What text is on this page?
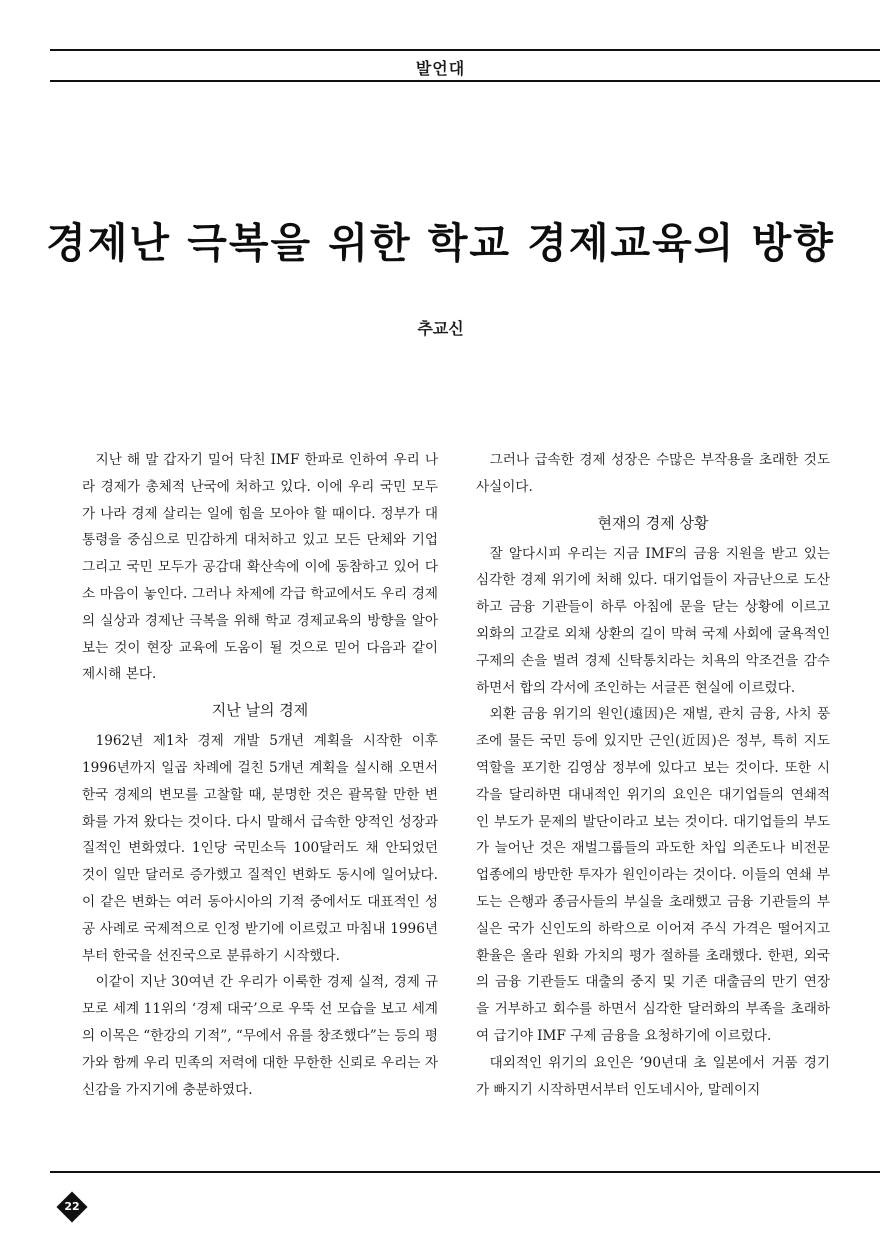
발언대
경제난 극복을 위한 학교 경제교육의 방향
추교신

지난 해 말 갑자기 밀어 닥친 IMF 한파로 인하여 우리 나라 경제가 총체적 난국에 처하고 있다. 이에 우리 국민 모두가 나라 경제 살리는 일에 힘을 모아야 할 때이다. 정부가 대통령을 중심으로 민감하게 대처하고 있고 모든 단체와 기업 그리고 국민 모두가 공감대 확산속에 이에 동참하고 있어 다소 마음이 놓인다. 그러나 차제에 각급 학교에서도 우리 경제의 실상과 경제난 극복을 위해 학교 경제교육의 방향을 알아 보는 것이 현장 교육에 도움이 될 것으로 믿어 다음과 같이 제시해 본다.

지난 날의 경제

1962년 제1차 경제 개발 5개년 계획을 시작한 이후 1996년까지 일곱 차례에 걸친 5개년 계획을 실시해 오면서 한국 경제의 변모를 고찰할 때, 분명한 것은 괄목할 만한 변화를 가져 왔다는 것이다. 다시 말해서 급속한 양적인 성장과 질적인 변화였다. 1인당 국민소득 100달러도 채 안되었던 것이 일만 달러로 증가했고 질적인 변화도 동시에 일어났다. 이 같은 변화는 여러 동아시아의 기적 중에서도 대표적인 성공 사례로 국제적으로 인정 받기에 이르렀고 마침내 1996년부터 한국을 선진국으로 분류하기 시작했다.

이같이 지난 30여년 간 우리가 이룩한 경제 실적, 경제 규모로 세계 11위의 ‘경제 대국’으로 우뚝 선 모습을 보고 세계의 이목은 “한강의 기적”, “무에서 유를 창조했다”는 등의 평가와 함께 우리 민족의 저력에 대한 무한한 신뢰로 우리는 자신감을 가지기에 충분하였다.

그러나 급속한 경제 성장은 수많은 부작용을 초래한 것도 사실이다.

현재의 경제 상황

잘 알다시피 우리는 지금 IMF의 금융 지원을 받고 있는 심각한 경제 위기에 처해 있다. 대기업들이 자금난으로 도산하고 금융 기관들이 하루 아침에 문을 닫는 상황에 이르고 외화의 고갈로 외채 상환의 길이 막혀 국제 사회에 굴욕적인 구제의 손을 벌려 경제 신탁통치라는 치욕의 악조건을 감수하면서 합의 각서에 조인하는 서글픈 현실에 이르렀다.

외환 금융 위기의 원인(遠因)은 재벌, 관치 금융, 사치 풍조에 물든 국민 등에 있지만 근인(近因)은 정부, 특히 지도 역할을 포기한 김영삼 정부에 있다고 보는 것이다. 또한 시각을 달리하면 대내적인 위기의 요인은 대기업들의 연쇄적인 부도가 문제의 발단이라고 보는 것이다. 대기업들의 부도가 늘어난 것은 재벌그룹들의 과도한 차입 의존도나 비전문 업종에의 방만한 투자가 원인이라는 것이다. 이들의 연쇄 부도는 은행과 종금사들의 부실을 초래했고 금융 기관들의 부실은 국가 신인도의 하락으로 이어져 주식 가격은 떨어지고 환율은 올라 원화 가치의 평가 절하를 초래했다. 한편, 외국의 금융 기관들도 대출의 중지 및 기존 대출금의 만기 연장을 거부하고 회수를 하면서 심각한 달러화의 부족을 초래하여 급기야 IMF 구제 금융을 요청하기에 이르렀다.

대외적인 위기의 요인은 ’90년대 초 일본에서 거품 경기가 빠지기 시작하면서부터 인도네시아, 말레이지

22
